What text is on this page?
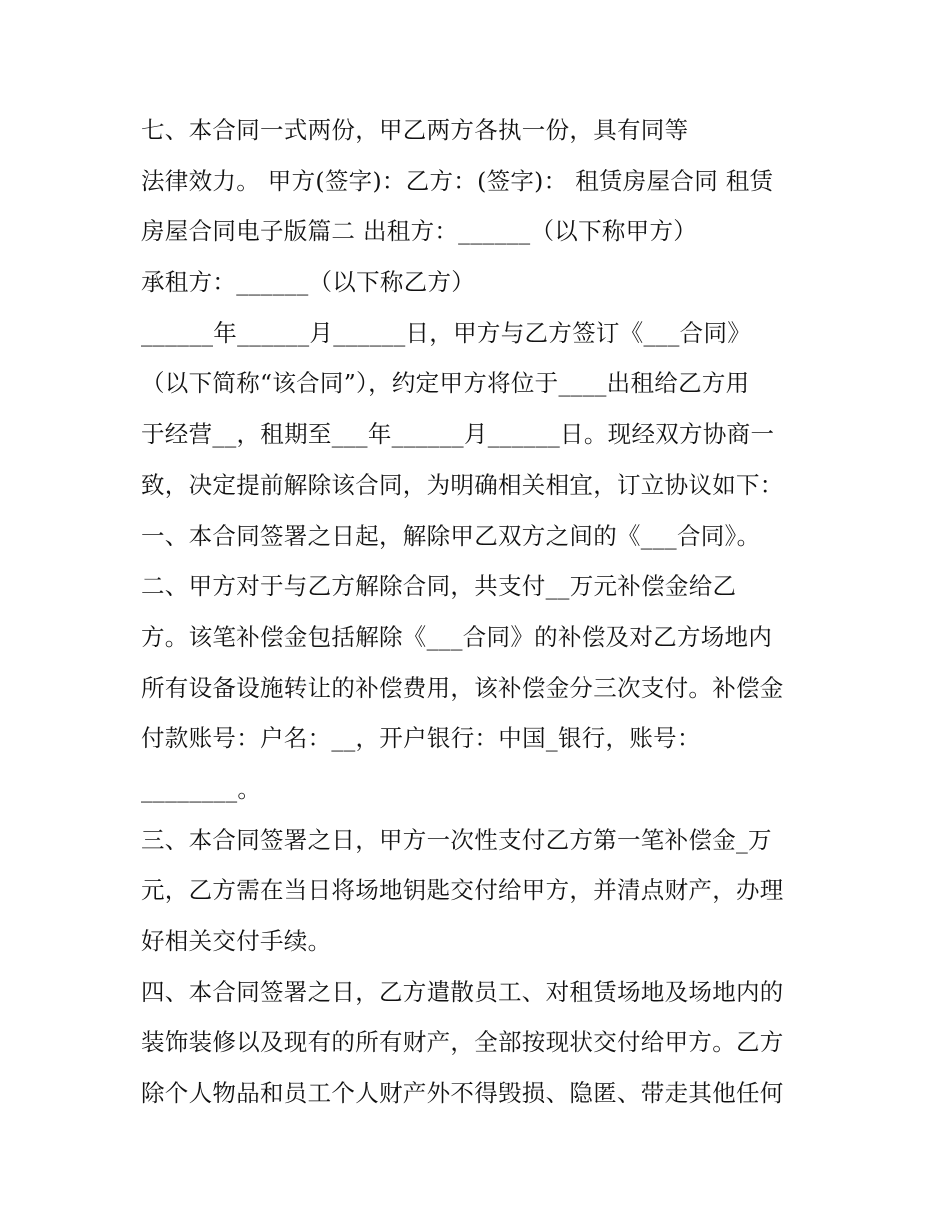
七、本合同一式两份，甲乙两方各执一份，具有同等
法律效力。 甲方(签字)：乙方：(签字)： 租赁房屋合同 租赁
房屋合同电子版篇二 出租方：______（以下称甲方）
承租方：______（以下称乙方）
______年______月______日，甲方与乙方签订《___合同》
（以下简称“该合同”），约定甲方将位于____出租给乙方用
于经营__，租期至___年______月______日。现经双方协商一
致，决定提前解除该合同，为明确相关相宜，订立协议如下：
一、本合同签署之日起，解除甲乙双方之间的《___合同》。
二、甲方对于与乙方解除合同，共支付__万元补偿金给乙
方。该笔补偿金包括解除《___合同》的补偿及对乙方场地内
所有设备设施转让的补偿费用，该补偿金分三次支付。补偿金
付款账号：户名：__，开户银行：中国_银行，账号：
________。
三、本合同签署之日，甲方一次性支付乙方第一笔补偿金_万
元，乙方需在当日将场地钥匙交付给甲方，并清点财产，办理
好相关交付手续。
四、本合同签署之日，乙方遣散员工、对租赁场地及场地内的
装饰装修以及现有的所有财产，全部按现状交付给甲方。乙方
除个人物品和员工个人财产外不得毁损、隐匿、带走其他任何
